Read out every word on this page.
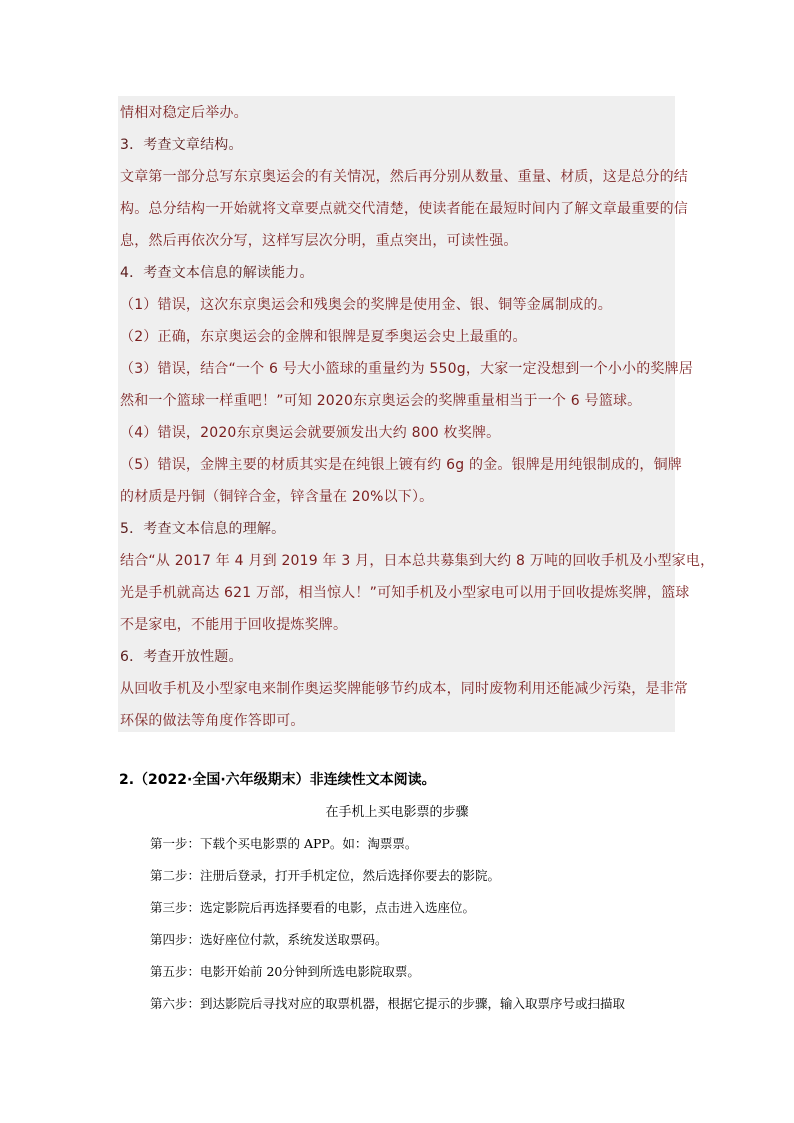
情相对稳定后举办。
3．考查文章结构。
文章第一部分总写东京奥运会的有关情况，然后再分别从数量、重量、材质，这是总分的结
构。总分结构一开始就将文章要点就交代清楚，使读者能在最短时间内了解文章最重要的信
息，然后再依次分写，这样写层次分明，重点突出，可读性强。
4．考查文本信息的解读能力。
（1）错误，这次东京奥运会和残奥会的奖牌是使用金、银、铜等金属制成的。
（2）正确，东京奥运会的金牌和银牌是夏季奥运会史上最重的。
（3）错误，结合“一个 6 号大小篮球的重量约为 550g，大家一定没想到一个小小的奖牌居
然和一个篮球一样重吧！”可知 2020东京奥运会的奖牌重量相当于一个 6 号篮球。
（4）错误，2020东京奥运会就要颁发出大约 800 枚奖牌。
（5）错误，金牌主要的材质其实是在纯银上镀有约 6g 的金。银牌是用纯银制成的，铜牌
的材质是丹铜（铜锌合金，锌含量在 20%以下）。
5．考查文本信息的理解。
结合“从 2017 年 4 月到 2019 年 3 月，日本总共募集到大约 8 万吨的回收手机及小型家电，
光是手机就高达 621 万部，相当惊人！”可知手机及小型家电可以用于回收提炼奖牌，篮球
不是家电，不能用于回收提炼奖牌。
6．考查开放性题。
从回收手机及小型家电来制作奥运奖牌能够节约成本，同时废物利用还能减少污染，是非常
环保的做法等角度作答即可。
2.（2022·全国·六年级期末）非连续性文本阅读。
在手机上买电影票的步骤
第一步：下载个买电影票的 APP。如：淘票票。
第二步：注册后登录，打开手机定位，然后选择你要去的影院。
第三步：选定影院后再选择要看的电影，点击进入选座位。
第四步：选好座位付款，系统发送取票码。
第五步：电影开始前 20分钟到所选电影院取票。
第六步：到达影院后寻找对应的取票机器，根据它提示的步骤，输入取票序号或扫描取
